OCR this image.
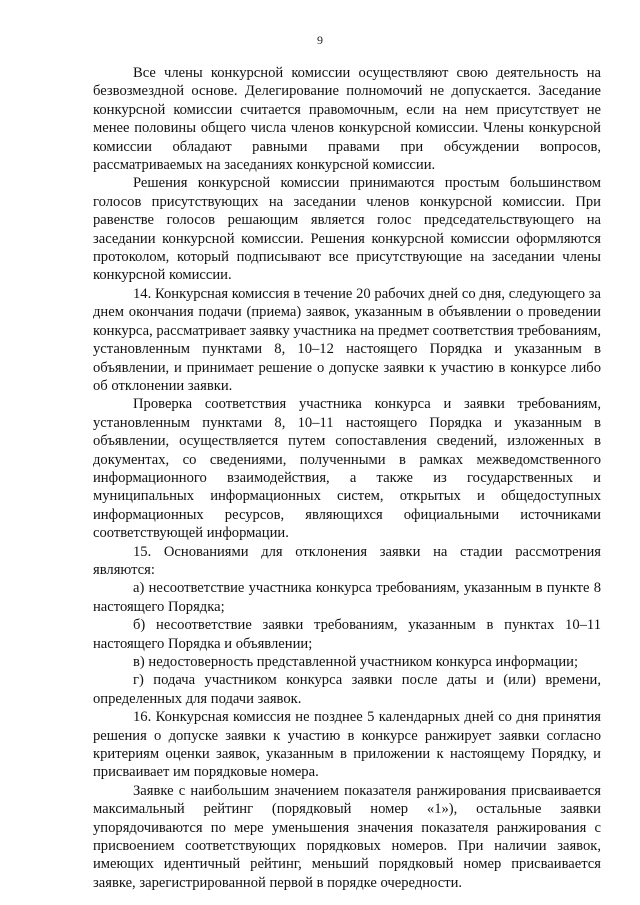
9

Все члены конкурсной комиссии осуществляют свою деятельность на безвозмездной основе. Делегирование полномочий не допускается. Заседание конкурсной комиссии считается правомочным, если на нем присутствует не менее половины общего числа членов конкурсной комиссии. Члены конкурсной комиссии обладают равными правами при обсуждении вопросов, рассматриваемых на заседаниях конкурсной комиссии.

Решения конкурсной комиссии принимаются простым большинством голосов присутствующих на заседании членов конкурсной комиссии. При равенстве голосов решающим является голос председательствующего на заседании конкурсной комиссии. Решения конкурсной комиссии оформляются протоколом, который подписывают все присутствующие на заседании члены конкурсной комиссии.

14. Конкурсная комиссия в течение 20 рабочих дней со дня, следующего за днем окончания подачи (приема) заявок, указанным в объявлении о проведении конкурса, рассматривает заявку участника на предмет соответствия требованиям, установленным пунктами 8, 10–12 настоящего Порядка и указанным в объявлении, и принимает решение о допуске заявки к участию в конкурсе либо об отклонении заявки.

Проверка соответствия участника конкурса и заявки требованиям, установленным пунктами 8, 10–11 настоящего Порядка и указанным в объявлении, осуществляется путем сопоставления сведений, изложенных в документах, со сведениями, полученными в рамках межведомственного информационного взаимодействия, а также из государственных и муниципальных информационных систем, открытых и общедоступных информационных ресурсов, являющихся официальными источниками соответствующей информации.

15. Основаниями для отклонения заявки на стадии рассмотрения являются:

а) несоответствие участника конкурса требованиям, указанным в пункте 8 настоящего Порядка;

б) несоответствие заявки требованиям, указанным в пунктах 10–11 настоящего Порядка и объявлении;

в) недостоверность представленной участником конкурса информации;

г) подача участником конкурса заявки после даты и (или) времени, определенных для подачи заявок.

16. Конкурсная комиссия не позднее 5 календарных дней со дня принятия решения о допуске заявки к участию в конкурсе ранжирует заявки согласно критериям оценки заявок, указанным в приложении к настоящему Порядку, и присваивает им порядковые номера.

Заявке с наибольшим значением показателя ранжирования присваивается максимальный рейтинг (порядковый номер «1»), остальные заявки упорядочиваются по мере уменьшения значения показателя ранжирования с присвоением соответствующих порядковых номеров. При наличии заявок, имеющих идентичный рейтинг, меньший порядковый номер присваивается заявке, зарегистрированной первой в порядке очередности.
